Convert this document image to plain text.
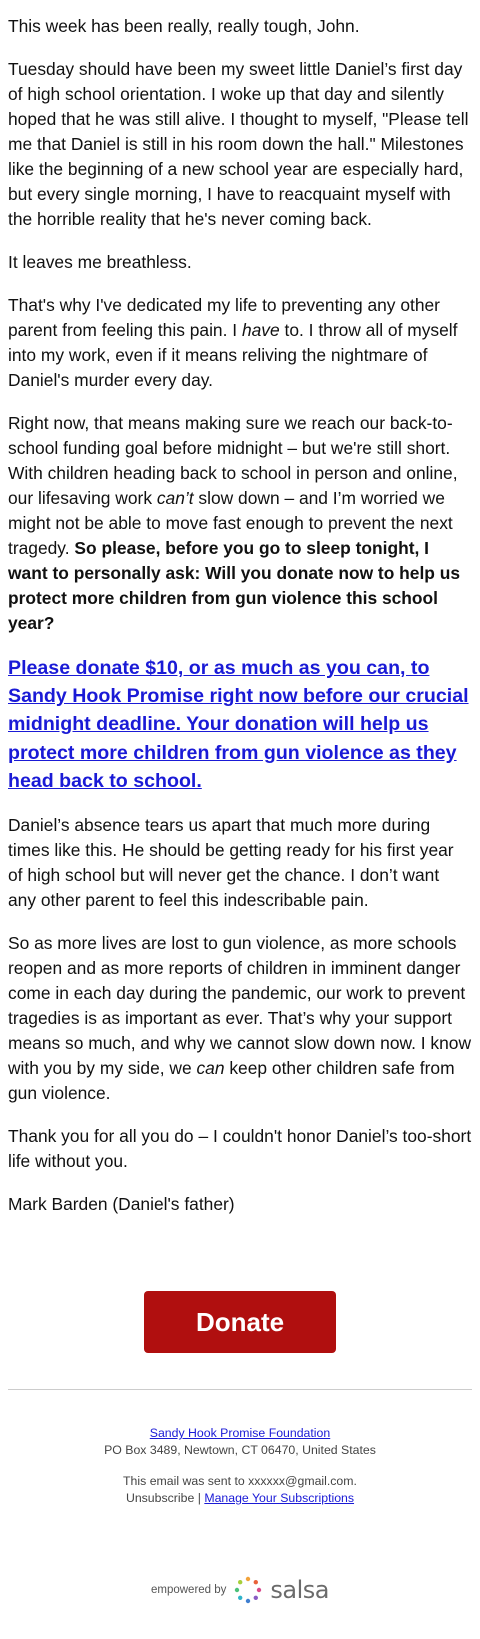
This week has been really, really tough, John.

Tuesday should have been my sweet little Daniel’s first day of high school orientation. I woke up that day and silently hoped that he was still alive. I thought to myself, "Please tell me that Daniel is still in his room down the hall." Milestones like the beginning of a new school year are especially hard, but every single morning, I have to reacquaint myself with the horrible reality that he's never coming back.

It leaves me breathless.

That's why I've dedicated my life to preventing any other parent from feeling this pain. I have to. I throw all of myself into my work, even if it means reliving the nightmare of Daniel's murder every day.

Right now, that means making sure we reach our back-to-school funding goal before midnight – but we're still short. With children heading back to school in person and online, our lifesaving work can’t slow down – and I’m worried we might not be able to move fast enough to prevent the next tragedy. So please, before you go to sleep tonight, I want to personally ask: Will you donate now to help us protect more children from gun violence this school year?

Please donate $10, or as much as you can, to Sandy Hook Promise right now before our crucial midnight deadline. Your donation will help us protect more children from gun violence as they head back to school.

Daniel’s absence tears us apart that much more during times like this. He should be getting ready for his first year of high school but will never get the chance. I don’t want any other parent to feel this indescribable pain.

So as more lives are lost to gun violence, as more schools reopen and as more reports of children in imminent danger come in each day during the pandemic, our work to prevent tragedies is as important as ever. That’s why your support means so much, and why we cannot slow down now. I know with you by my side, we can keep other children safe from gun violence.

Thank you for all you do – I couldn't honor Daniel’s too-short life without you.

Mark Barden (Daniel's father)

Donate
Sandy Hook Promise Foundation
PO Box 3489, Newtown, CT 06470, United States
This email was sent to xxxxxx@gmail.com.
Unsubscribe | Manage Your Subscriptions
empowered by salsa
